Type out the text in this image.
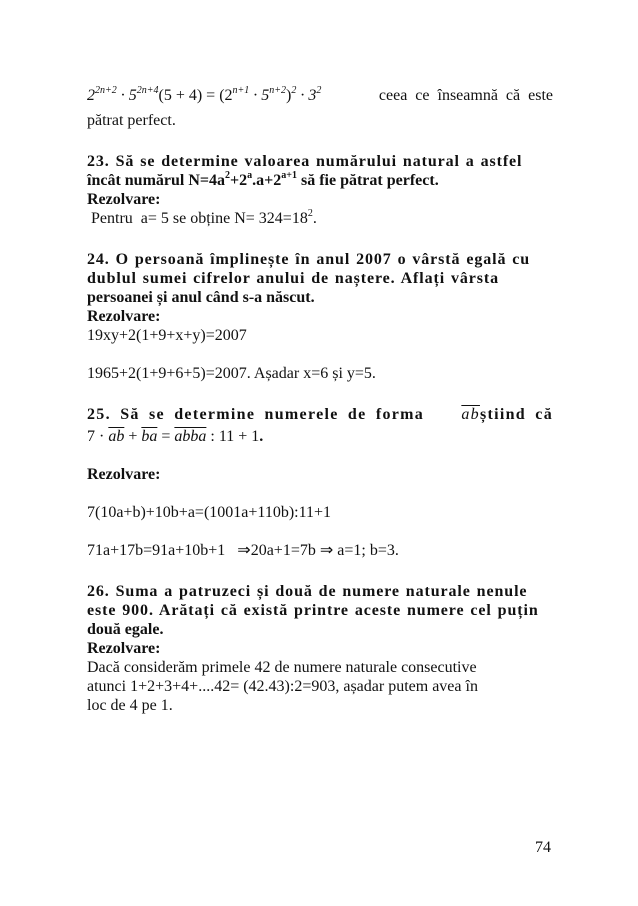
$2^{2n+2} \cdot 5^{2n+4}(5 + 4) = (2^{n+1} \cdot 5^{n+2})^2 \cdot 3^2$	ceea ce înseamnă că este
pătrat perfect.
23. Să se determine valoarea numărului natural a astfel
încât numărul $N=4a^2+2^a.a+2^{a+1}$ să fie pătrat perfect.
Rezolvare:
Pentru  a= 5 se obține $N= 324=18^2$.
24. O persoană împlinește în anul 2007 o vârstă egală cu
dublul sumei cifrelor anului de naștere. Aflați vârsta
persoanei și anul când s-a născut.
Rezolvare:
19xy+2(1+9+x+y)=2007
1965+2(1+9+6+5)=2007. Așadar x=6 și y=5.
25. Să se determine numerele de forma $\overline{ab}știind$ că
$7 \cdot \overline{ab} + \overline{ba}$ = abba : 11 + 1.
Rezolvare:
7(10a+b)+10b+a=(1001a+110b):11+1
71a+17b=91a+10b+1 ⇒20a+1=7b ⇒ a=1; b=3.
26. Suma a patruzeci și două de numere naturale nenule
este 900. Arătați că există printre aceste numere cel puțin
două egale.
Rezolvare:
Dacă considerăm primele 42 de numere naturale consecutive
atunci 1+2+3+4+....42= (42.43):2=903, așadar putem avea în
loc de 4 pe 1.
74
